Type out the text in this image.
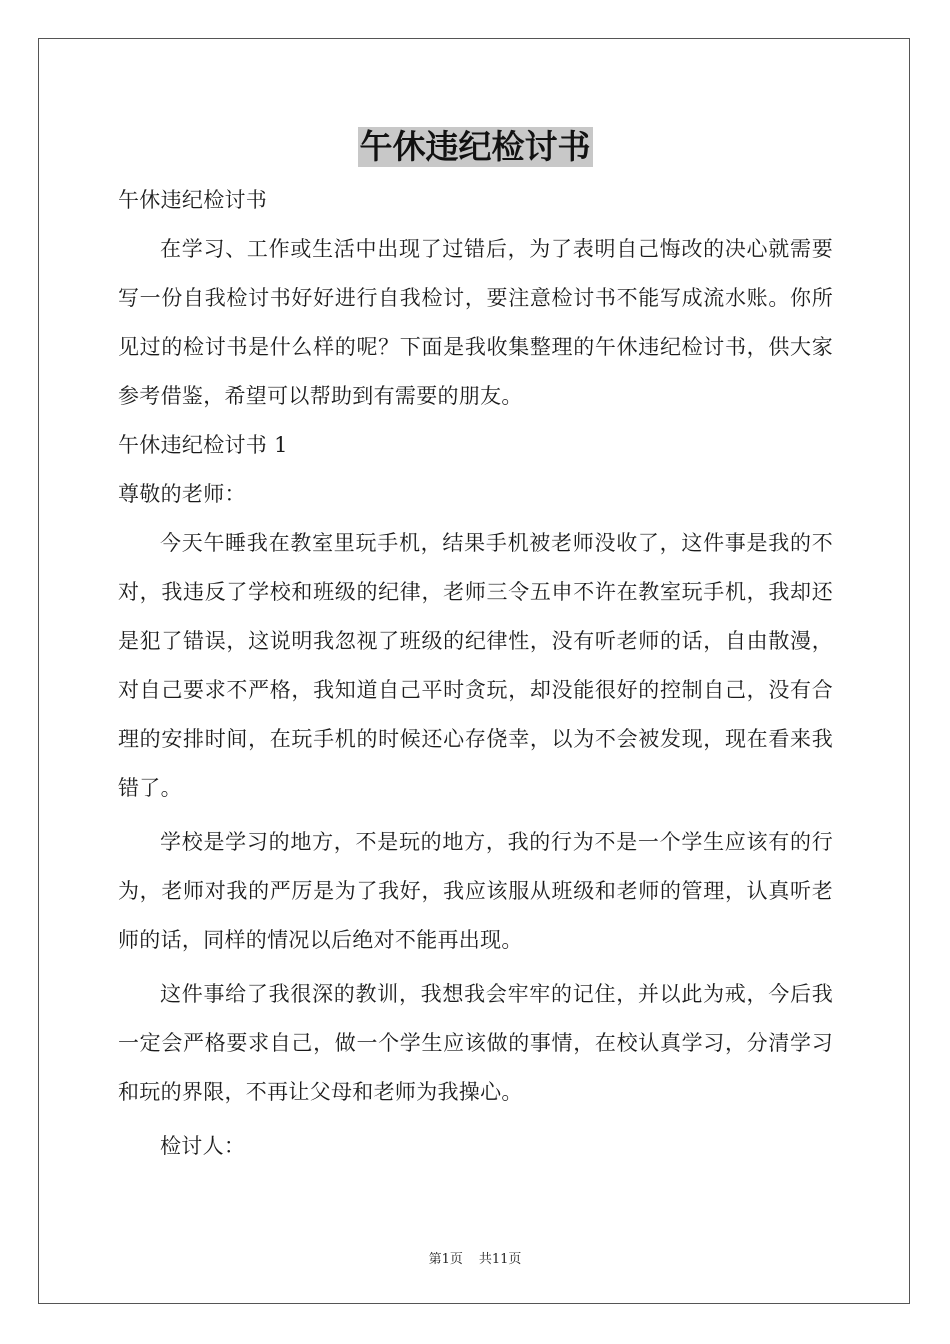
午休违纪检讨书

午休违纪检讨书

在学习、工作或生活中出现了过错后，为了表明自己悔改的决心就需要写一份自我检讨书好好进行自我检讨，要注意检讨书不能写成流水账。你所见过的检讨书是什么样的呢？下面是我收集整理的午休违纪检讨书，供大家参考借鉴，希望可以帮助到有需要的朋友。

午休违纪检讨书 1

尊敬的老师：

今天午睡我在教室里玩手机，结果手机被老师没收了，这件事是我的不对，我违反了学校和班级的纪律，老师三令五申不许在教室玩手机，我却还是犯了错误，这说明我忽视了班级的纪律性，没有听老师的话，自由散漫，对自己要求不严格，我知道自己平时贪玩，却没能很好的控制自己，没有合理的安排时间，在玩手机的时候还心存侥幸，以为不会被发现，现在看来我错了。

学校是学习的地方，不是玩的地方，我的行为不是一个学生应该有的行为，老师对我的严厉是为了我好，我应该服从班级和老师的管理，认真听老师的话，同样的情况以后绝对不能再出现。

这件事给了我很深的教训，我想我会牢牢的记住，并以此为戒，今后我一定会严格要求自己，做一个学生应该做的事情，在校认真学习，分清学习和玩的界限，不再让父母和老师为我操心。

检讨人：

第1页 共11页
